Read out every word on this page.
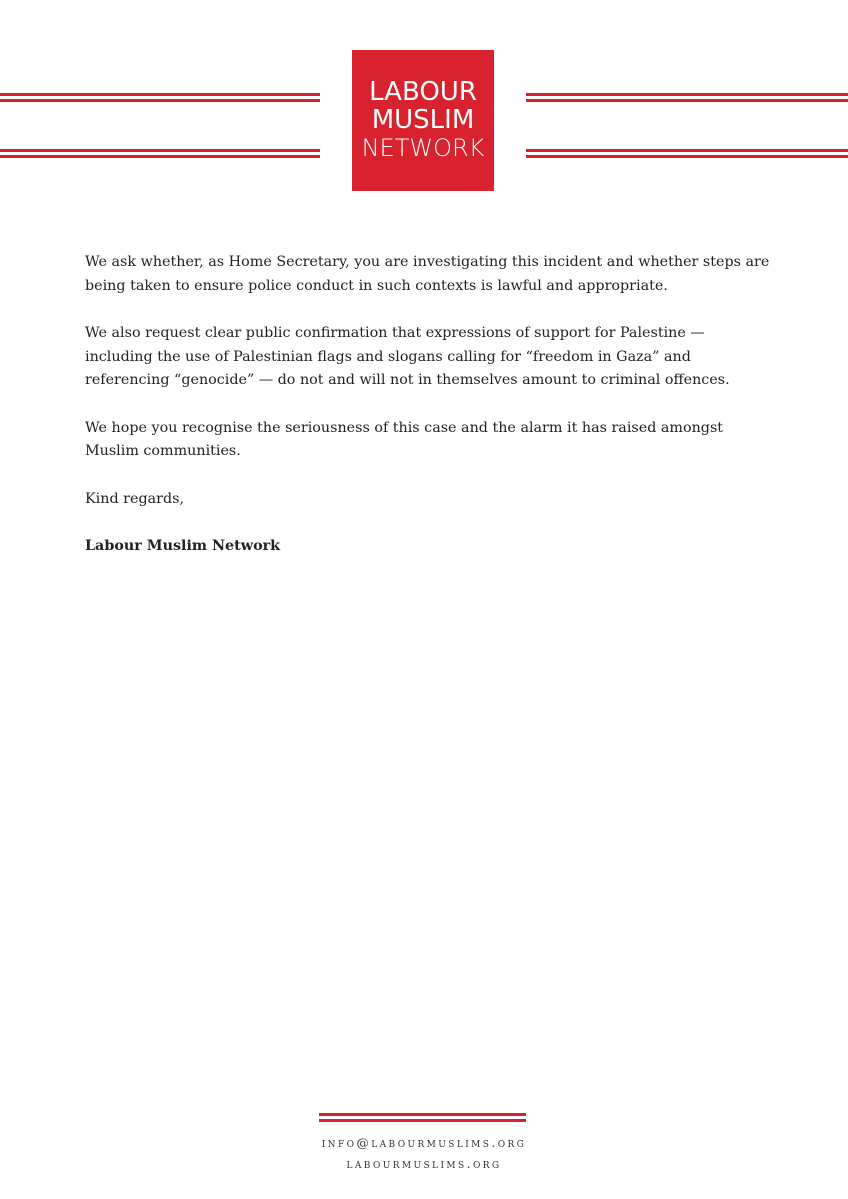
LABOUR
MUSLIM
NETWORK

We ask whether, as Home Secretary, you are investigating this incident and whether steps are being taken to ensure police conduct in such contexts is lawful and appropriate.

We also request clear public confirmation that expressions of support for Palestine — including the use of Palestinian flags and slogans calling for “freedom in Gaza” and referencing “genocide” — do not and will not in themselves amount to criminal offences.

We hope you recognise the seriousness of this case and the alarm it has raised amongst Muslim communities.

Kind regards,

Labour Muslim Network

info@labourmuslims.org
labourmuslims.org
